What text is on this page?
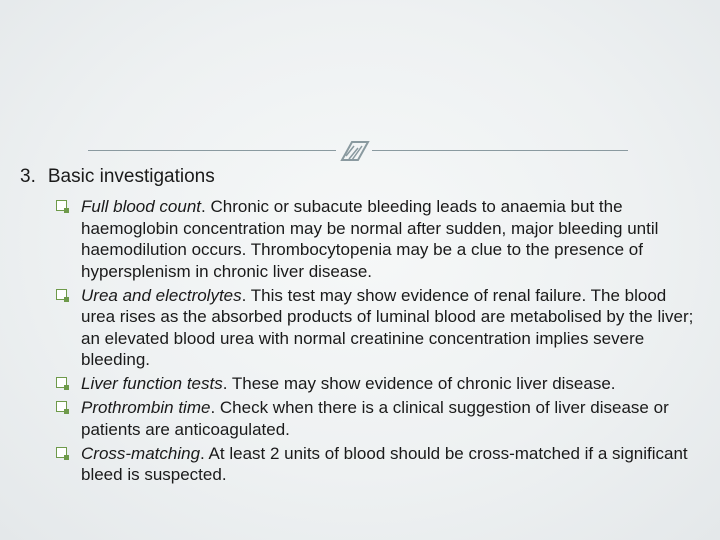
3. Basic investigations
Full blood count. Chronic or subacute bleeding leads to anaemia but the haemoglobin concentration may be normal after sudden, major bleeding until haemodilution occurs. Thrombocytopenia may be a clue to the presence of hypersplenism in chronic liver disease.
Urea and electrolytes. This test may show evidence of renal failure. The blood urea rises as the absorbed products of luminal blood are metabolised by the liver; an elevated blood urea with normal creatinine concentration implies severe bleeding.
Liver function tests. These may show evidence of chronic liver disease.
Prothrombin time. Check when there is a clinical suggestion of liver disease or patients are anticoagulated.
Cross-matching. At least 2 units of blood should be cross-matched if a significant bleed is suspected.
